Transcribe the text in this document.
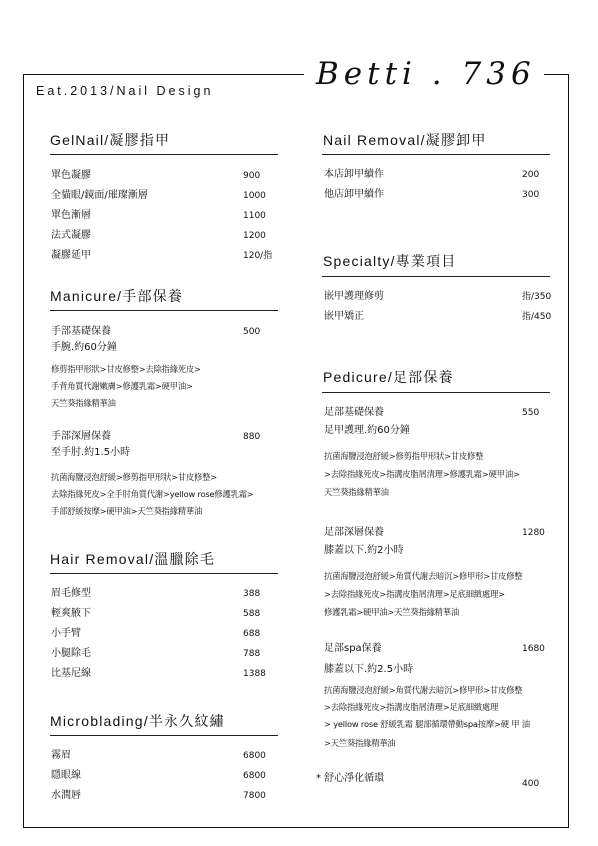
Betti . 736
Eat.2013/Nail Design
GelNail/凝膠指甲
單色凝膠	900
全貓眼/鏡面/璀璨漸層	1000
單色漸層	1100
法式凝膠	1200
凝膠延甲	120/指
Manicure/手部保養
手部基礎保養	500
手腕.約60分鐘
修剪指甲形狀>甘皮修整>去除指緣死皮>
手背角質代謝嫩膚>修護乳霜>硬甲油>
天竺葵指緣精華油
手部深層保養	880
至手肘.約1.5小時
抗菌海鹽浸泡舒緩>修剪指甲形狀>甘皮修整>
去除指緣死皮>全手肘角質代謝>yellow rose修護乳霜>
手部舒緩按摩>硬甲油>天竺葵指緣精華油
Hair Removal/溫臘除毛
眉毛修型	388
輕爽腋下	588
小手臂	688
小腿除毛	788
比基尼線	1388
Microblading/半永久紋繡
霧眉	6800
隱眼線	6800
水潤唇	7800
Nail Removal/凝膠卸甲
本店卸甲續作	200
他店卸甲續作	300
Specialty/專業項目
嵌甲護理修剪	指/350
嵌甲矯正	指/450
Pedicure/足部保養
足部基礎保養	550
足甲護理.約60分鐘
抗菌海鹽浸泡舒緩>修剪指甲形狀>甘皮修整
>去除指緣死皮>指溝皮脂屑清理>修護乳霜>硬甲油>
天竺葵指緣精華油
足部深層保養	1280
膝蓋以下.約2小時
抗菌海鹽浸泡舒緩>角質代謝去暗沉>修甲形>甘皮修整
>去除指緣死皮>指溝皮脂屑清理>足底細緻處理>
修護乳霜>硬甲油>天竺葵指緣精華油
足部spa保養	1680
膝蓋以下.約2.5小時
抗菌海鹽浸泡舒緩>角質代謝去暗沉>修甲形>甘皮修整
>去除指緣死皮>指溝皮脂屑清理>足底細緻處理
> yellow rose 舒緩乳霜 腿部循環帶動spa按摩>硬 甲 油
>天竺葵指緣精華油
* 舒心淨化循環	400
